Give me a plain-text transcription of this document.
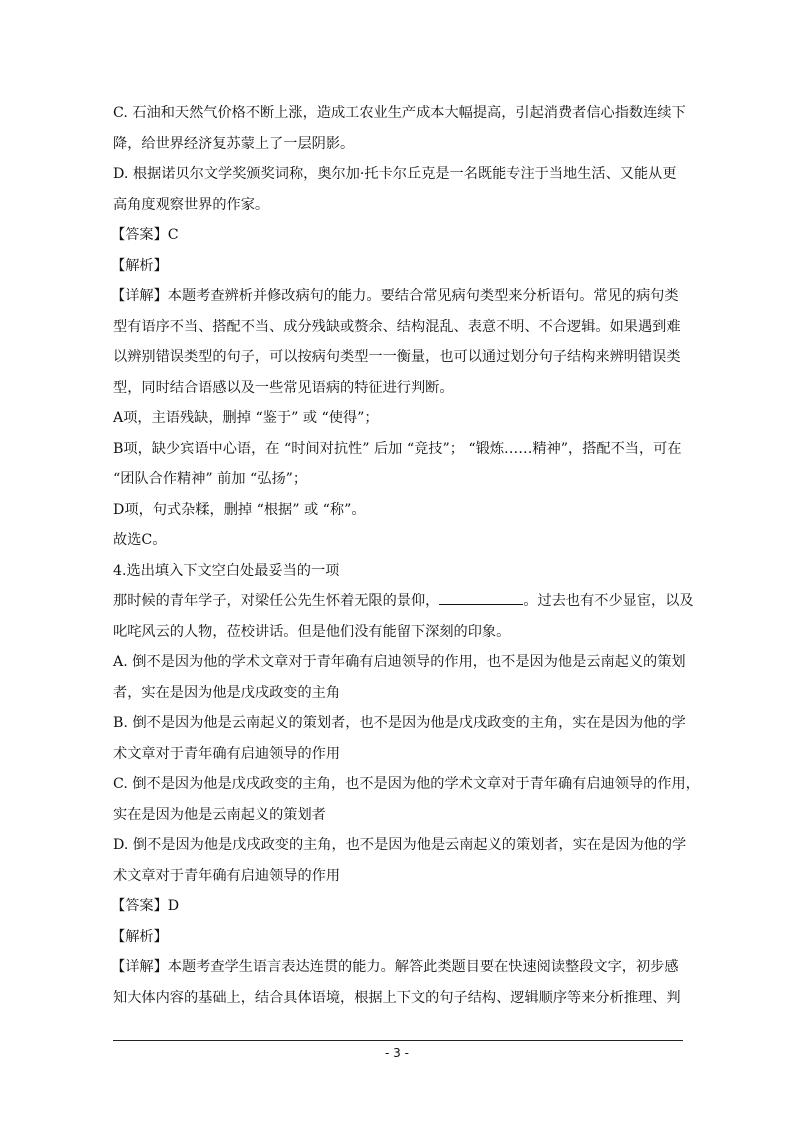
C. 石油和天然气价格不断上涨，造成工农业生产成本大幅提高，引起消费者信心指数连续下
降，给世界经济复苏蒙上了一层阴影。
D. 根据诺贝尔文学奖颁奖词称，奥尔加·托卡尔丘克是一名既能专注于当地生活、又能从更
高角度观察世界的作家。
【答案】C
【解析】
【详解】本题考查辨析并修改病句的能力。要结合常见病句类型来分析语句。常见的病句类
型有语序不当、搭配不当、成分残缺或赘余、结构混乱、表意不明、不合逻辑。如果遇到难
以辨别错误类型的句子，可以按病句类型一一衡量，也可以通过划分句子结构来辨明错误类
型，同时结合语感以及一些常见语病的特征进行判断。
A项，主语残缺，删掉 “鉴于” 或 “使得”；
B项，缺少宾语中心语，在 “时间对抗性” 后加 “竞技”； “锻炼……精神”，搭配不当，可在
“团队合作精神” 前加 “弘扬”；
D项，句式杂糅，删掉 “根据” 或 “称”。
故选C。
4.选出填入下文空白处最妥当的一项
那时候的青年学子，对梁任公先生怀着无限的景仰，	。过去也有不少显宦，以及
叱咤风云的人物，莅校讲话。但是他们没有能留下深刻的印象。
A. 倒不是因为他的学术文章对于青年确有启迪领导的作用，也不是因为他是云南起义的策划
者，实在是因为他是戊戌政变的主角
B. 倒不是因为他是云南起义的策划者，也不是因为他是戊戌政变的主角，实在是因为他的学
术文章对于青年确有启迪领导的作用
C. 倒不是因为他是戊戌政变的主角，也不是因为他的学术文章对于青年确有启迪领导的作用，
实在是因为他是云南起义的策划者
D. 倒不是因为他是戊戌政变的主角，也不是因为他是云南起义的策划者，实在是因为他的学
术文章对于青年确有启迪领导的作用
【答案】D
【解析】
【详解】本题考查学生语言表达连贯的能力。解答此类题目要在快速阅读整段文字，初步感
知大体内容的基础上，结合具体语境，根据上下文的句子结构、逻辑顺序等来分析推理、判
- 3 -
